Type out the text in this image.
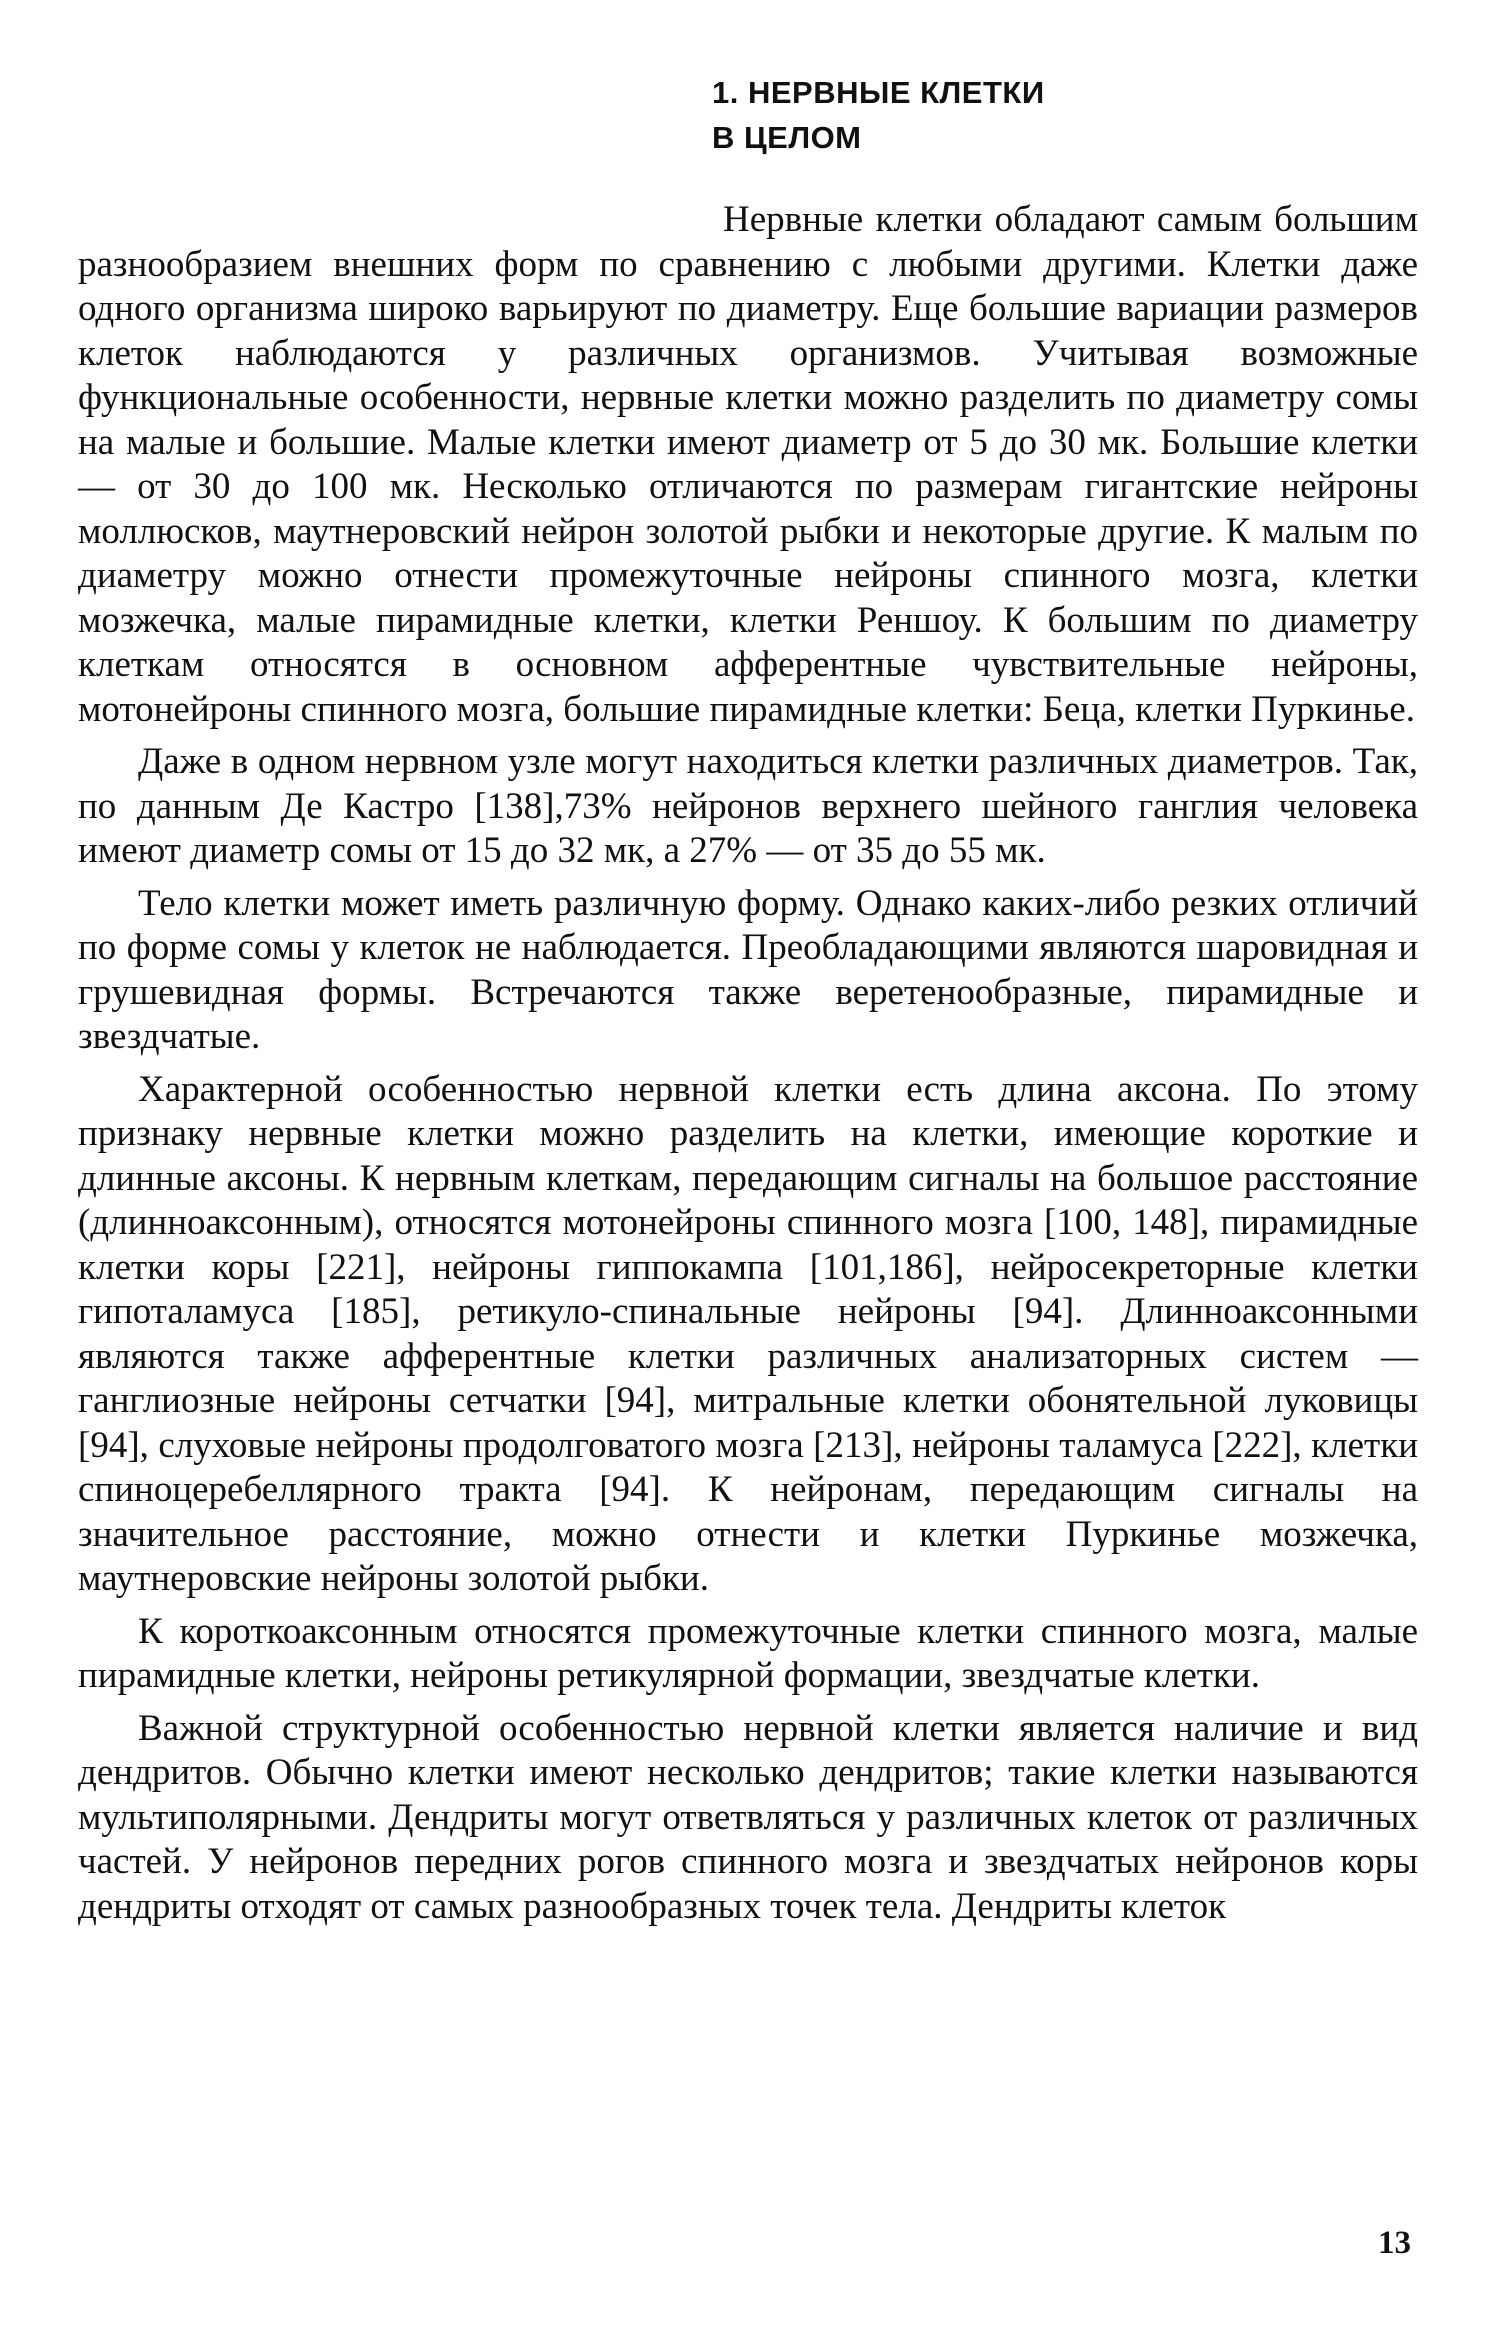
1. НЕРВНЫЕ КЛЕТКИ
В ЦЕЛОМ

Нервные клетки обладают самым большим разнообразием внешних форм по сравнению с любыми другими. Клетки даже одного организма широко варьируют по диаметру. Еще большие вариации размеров клеток наблюдаются у различных организмов. Учитывая возможные функциональные особенности, нервные клетки можно разделить по диаметру сомы на малые и большие. Малые клетки имеют диаметр от 5 до 30 мк. Большие клетки — от 30 до 100 мк. Несколько отличаются по размерам гигантские нейроны моллюсков, маутнеровский нейрон золотой рыбки и некоторые другие. К малым по диаметру можно отнести промежуточные нейроны спинного мозга, клетки мозжечка, малые пирамидные клетки, клетки Реншоу. К большим по диаметру клеткам относятся в основном афферентные чувствительные нейроны, мотонейроны спинного мозга, большие пирамидные клетки: Беца, клетки Пуркинье.

Даже в одном нервном узле могут находиться клетки различных диаметров. Так, по данным Де Кастро [138],73% нейронов верхнего шейного ганглия человека имеют диаметр сомы от 15 до 32 мк, а 27% — от 35 до 55 мк.

Тело клетки может иметь различную форму. Однако каких-либо резких отличий по форме сомы у клеток не наблюдается. Преобладающими являются шаровидная и грушевидная формы. Встречаются также веретенообразные, пирамидные и звездчатые.

Характерной особенностью нервной клетки есть длина аксона. По этому признаку нервные клетки можно разделить на клетки, имеющие короткие и длинные аксоны. К нервным клеткам, передающим сигналы на большое расстояние (длинноаксонным), относятся мотонейроны спинного мозга [100, 148], пирамидные клетки коры [221], нейроны гиппокампа [101,186], нейросекреторные клетки гипоталамуса [185], ретикуло-спинальные нейроны [94]. Длинноаксонными являются также афферентные клетки различных анализаторных систем — ганглиозные нейроны сетчатки [94], митральные клетки обонятельной луковицы [94], слуховые нейроны продолговатого мозга [213], нейроны таламуса [222], клетки спиноцеребеллярного тракта [94]. К нейронам, передающим сигналы на значительное расстояние, можно отнести и клетки Пуркинье мозжечка, маутнеровские нейроны золотой рыбки.

К короткоаксонным относятся промежуточные клетки спинного мозга, малые пирамидные клетки, нейроны ретикулярной формации, звездчатые клетки.

Важной структурной особенностью нервной клетки является наличие и вид дендритов. Обычно клетки имеют несколько дендритов; такие клетки называются мультиполярными. Дендриты могут ответвляться у различных клеток от различных частей. У нейронов передних рогов спинного мозга и звездчатых нейронов коры дендриты отходят от самых разнообразных точек тела. Дендриты клеток

13
